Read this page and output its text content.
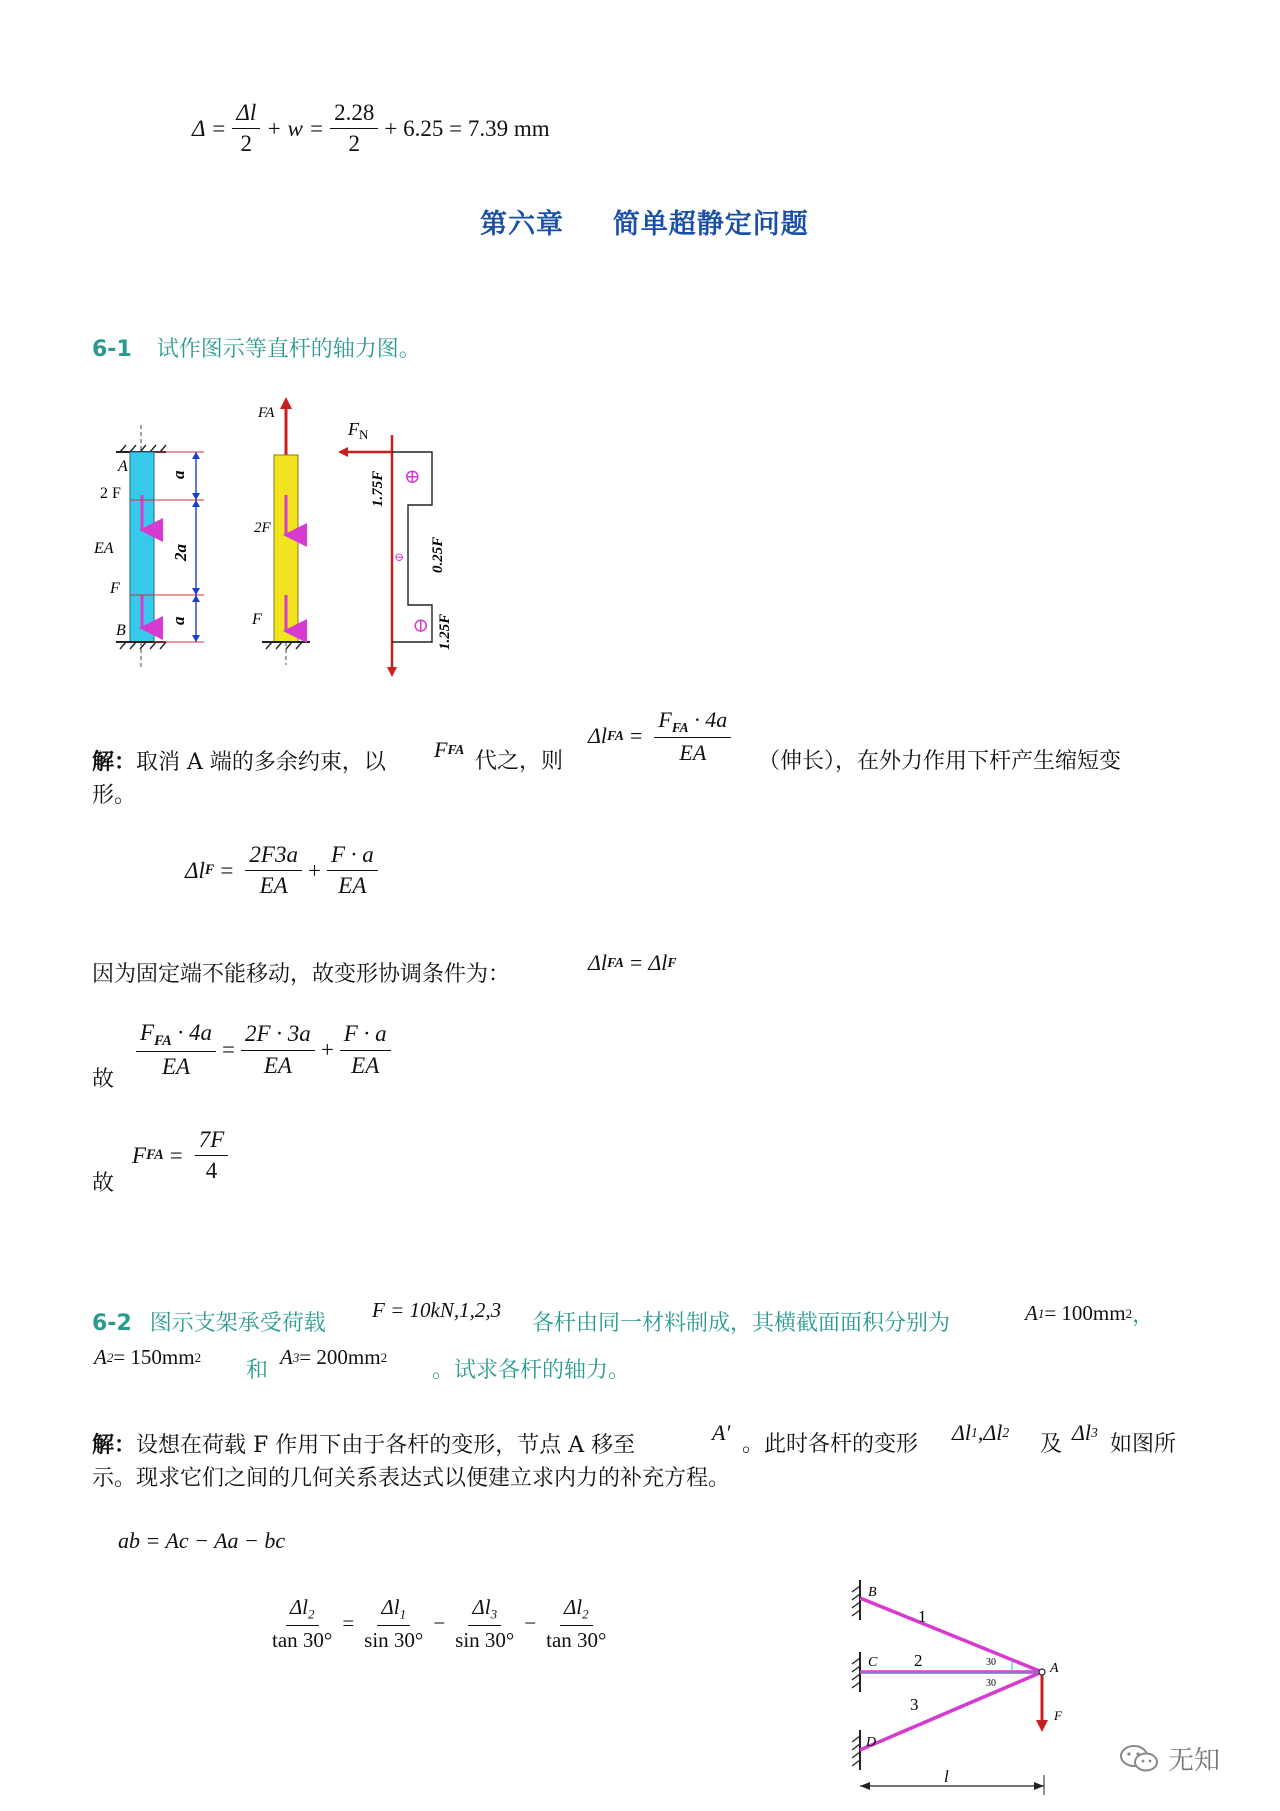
$\Delta = \frac{\Delta l}{2} + w = \frac{2.28}{2} + 6.25 = 7.39$ mm
第六章 简单超静定问题
6-1 试作图示等直杆的轴力图。
A
2 F
EA
F
B
a
2a
a
FA
2F
F
$F_N$
1.75F
0.25F
1.25F
⊕
⊖
⊖
解：取消 A 端的多余约束，以
F FA 代之，则
Δl FA = $\frac{F_{FA} \cdot 4a}{EA}$ （伸长），在外力作用下杆产生缩短变
形。
Δl $F = \frac{2F3a}{EA} + \frac{F \cdot a}{EA}$
因为固定端不能移动，故变形协调条件为：	Δl FA = Δl F
故 $\frac{F_{FA} \cdot 4a}{EA} = \frac{2F \cdot 3a}{EA} + \frac{F \cdot a}{EA}$
故
F FA = $\frac{7F}{4}$
6-2 图示支架承受荷载
F = 10kN,1,2,3
各杆由同一材料制成，其横截面面积分别为	A 1 = 100mm 2 ，
A 2 = 150mm 2
和
A 3 = 200mm 2
。试求各杆的轴力。
解：设想在荷载 F 作用下由于各杆的变形，节点 A 移至
A′ 。此时各杆的变形 Δl 1 , Δl 2 及 Δl 3 如图所
示。现求它们之间的几何关系表达式以便建立求内力的补充方程。
ab = Ac − Aa − bc
$\frac{\Delta l_2}{\tan 30^\circ} = \frac{\Delta l_1}{\sin 30^\circ} - \frac{\Delta l_3}{\sin 30^\circ} - \frac{\Delta l_2}{\tan 30^\circ}$
B
C
D
A
F
1
2
3
30
30
l
无知
